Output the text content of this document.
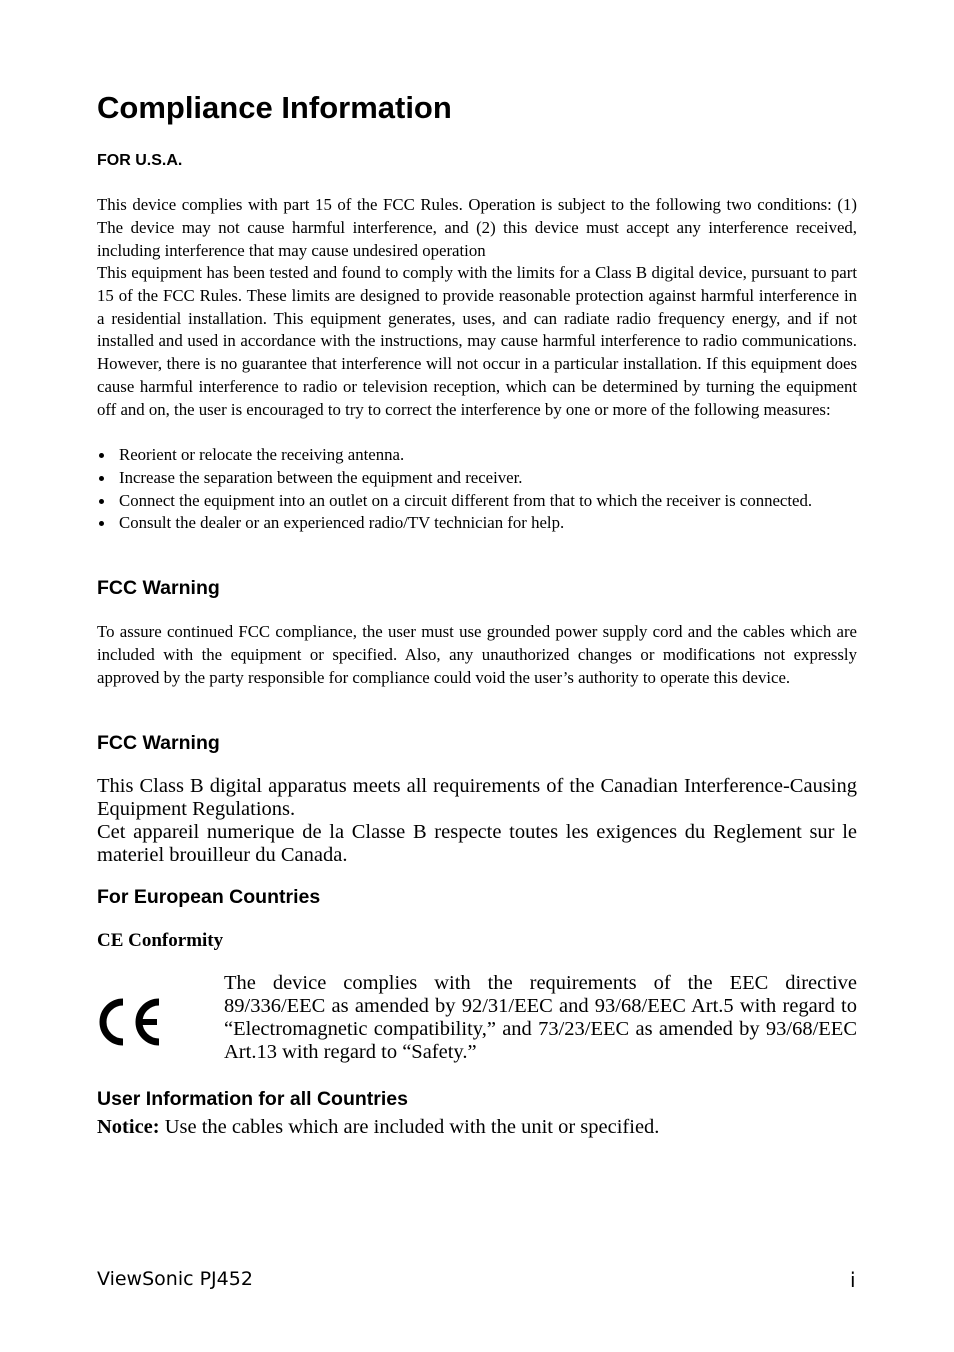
Compliance Information
FOR U.S.A.

This device complies with part 15 of the FCC Rules. Operation is subject to the following two conditions: (1) The device may not cause harmful interference, and (2) this device must accept any interference received, including interference that may cause undesired operation

This equipment has been tested and found to comply with the limits for a Class B digital device, pursuant to part 15 of the FCC Rules. These limits are designed to provide reasonable protection against harmful interference in a residential installation. This equipment generates, uses, and can radiate radio frequency energy, and if not installed and used in accordance with the instructions, may cause harmful interference to radio communications. However, there is no guarantee that interference will not occur in a particular installation. If this equipment does cause harmful interference to radio or television reception, which can be determined by turning the equipment off and on, the user is encouraged to try to correct the interference by one or more of the following measures:

Reorient or relocate the receiving antenna.
Increase the separation between the equipment and receiver.
Connect the equipment into an outlet on a circuit different from that to which the receiver is connected.
Consult the dealer or an experienced radio/TV technician for help.
FCC Warning

To assure continued FCC compliance, the user must use grounded power supply cord and the cables which are included with the equipment or specified. Also, any unauthorized changes or modifications not expressly approved by the party responsible for compliance could void the user’s authority to operate this device.

FCC Warning

This Class B digital apparatus meets all requirements of the Canadian Interference-Causing Equipment Regulations.

Cet appareil numerique de la Classe B respecte toutes les exigences du Reglement sur le materiel brouilleur du Canada.

For European Countries
CE Conformity

The device complies with the requirements of the EEC directive 89/336/EEC as amended by 92/31/EEC and 93/68/EEC Art.5 with regard to “Electromagnetic compatibility,” and 73/23/EEC as amended by 93/68/EEC Art.13 with regard to “Safety.”

User Information for all Countries

Notice: Use the cables which are included with the unit or specified.

ViewSonic PJ452	i
